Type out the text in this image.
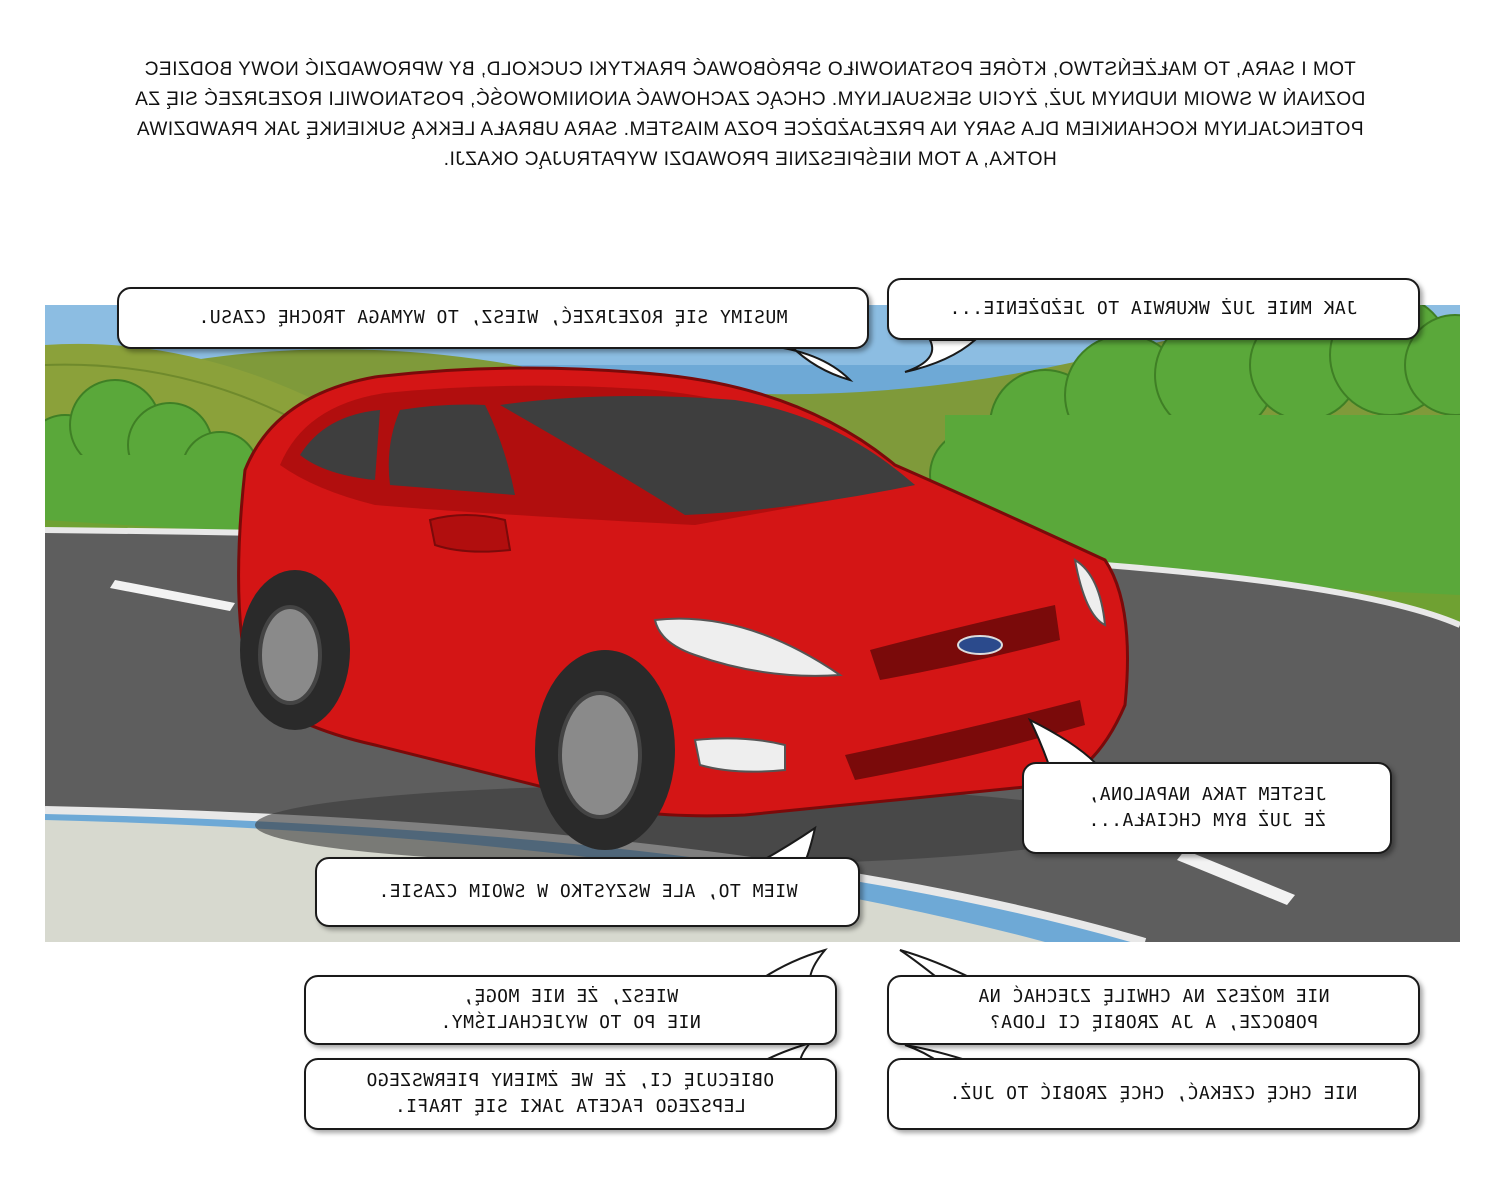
TOM I SARA, TO MAŁŻEŃSTWO, KTÓRE POSTANOWIŁO SPRÓBOWAĆ PRAKTYKI CUCKOLD, BY WPROWADZIĆ NOWY BODZIEC DOZNAŃ W SWOIM NUDNYM JUŻ, ŻYCIU SEKSUALNYM. CHCĄC ZACHOWAĆ ANONIMOWOŚĆ, POSTANOWILI ROZEJRZEĆ SIĘ ZA POTENCJALNYM KOCHANKIEM DLA SARY NA PRZEJAŻDŻCE POZA MIASTEM. SARA UBRAŁA LEKKĄ SUKIENKĘ JAK PRAWDZIWA HOTKA, A TOM NIEŚPIESZNIE PROWADZI WYPATRUJĄC OKAZJI.

MUSIMY SIĘ ROZEJRZEĆ, WIESZ, TO WYMAGA TROCHĘ CZASU.	JAK MNIE JUŻ WKURWIA TO JEŻDŻENIE...
JESTEM TAKA NAPALONA,
ŻE JUŻ BYM CHCIAŁA...
WIEM TO, ALE WSZYSTKO W SWOIM CZASIE.
WIESZ, ŻE NIE MOGĘ,
NIE PO TO WYJECHALIŚMY.
NIE MOŻESZ NA CHWILĘ ZJECHAĆ NA
POBOCZE, A JA ZROBIĘ CI LODA?
OBIECUJĘ CI, ŻE WE ŻMIENY PIERWSZEGO
LEPSZEGO FACETA JAKI SIĘ TRAFI.
NIE CHCĘ CZEKAĆ, CHCĘ ZROBIĆ TO JUŻ.
